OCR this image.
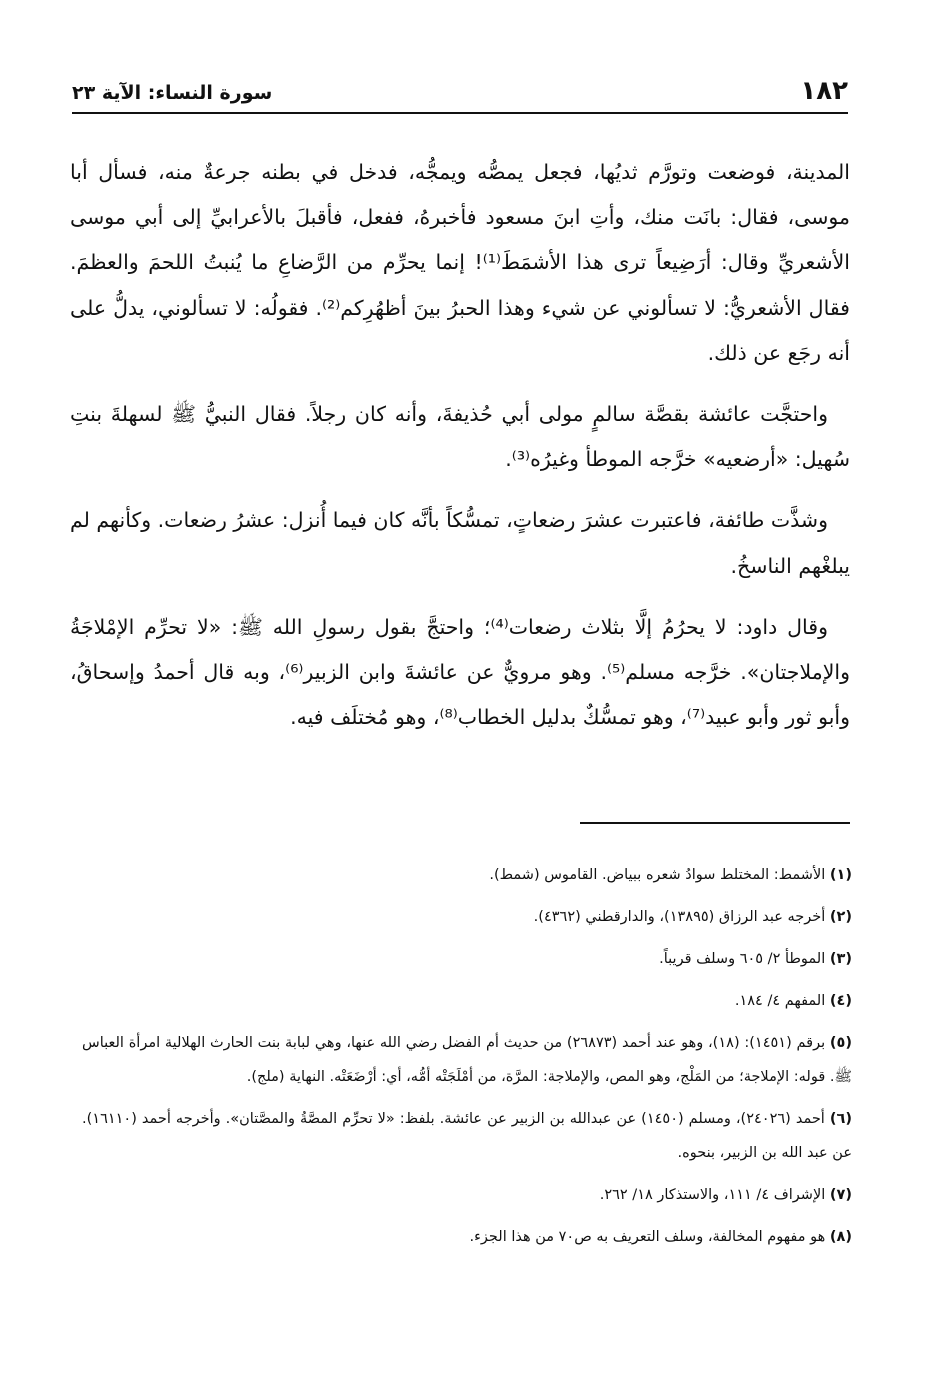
١٨٢
سورة النساء: الآية ٢٣

المدينة، فوضعت وتورَّم ثديُها، فجعل يمصُّه ويمجُّه، فدخل في بطنه جرعةٌ منه، فسأل أبا موسى، فقال: بانَت منك، وأتِ ابنَ مسعود فأخبرهُ، ففعل، فأقبلَ بالأعرابيِّ إلى أبي موسى الأشعريِّ وقال: أرَضِيعاً ترى هذا الأشمَطَ⁽¹⁾! إنما يحرِّم من الرَّضاعِ ما يُنبتُ اللحمَ والعظمَ. فقال الأشعريُّ: لا تسألوني عن شيء وهذا الحبرُ بينَ أظهُرِكم⁽²⁾. فقولُه: لا تسألوني، يدلُّ على أنه رجَع عن ذلك.

واحتجَّت عائشة بقصَّة سالمٍ مولى أبي حُذيفةَ، وأنه كان رجلاً. فقال النبيُّ ﷺ لسهلةَ بنتِ سُهيل: «أرضعيه» خرَّجه الموطأ وغيرُه⁽³⁾.

وشذَّت طائفة، فاعتبرت عشرَ رضعاتٍ، تمسُّكاً بأنَّه كان فيما أُنزل: عشرُ رضعات. وكأنهم لم يبلغْهم الناسخُ.

وقال داود: لا يحرُمُ إلَّا بثلاث رضعات⁽⁴⁾؛ واحتجَّ بقول رسولِ الله ﷺ: «لا تحرِّم الإمْلاجَةُ والإملاجتان». خرَّجه مسلم⁽⁵⁾. وهو مرويٌّ عن عائشةَ وابن الزبير⁽⁶⁾، وبه قال أحمدُ وإسحاقُ، وأبو ثور وأبو عبيد⁽⁷⁾، وهو تمسُّكٌ بدليل الخطاب⁽⁸⁾، وهو مُختلَف فيه.

(١) الأشمط: المختلط سوادُ شعره ببياض. القاموس (شمط).
(٢) أخرجه عبد الرزاق (١٣٨٩٥)، والدارقطني (٤٣٦٢).
(٣) الموطأ ٢/ ٦٠٥ وسلف قريباً.
(٤) المفهم ٤/ ١٨٤.
(٥) برقم (١٤٥١): (١٨)، وهو عند أحمد (٢٦٨٧٣) من حديث أم الفضل رضي الله عنها، وهي لبابة بنت الحارث الهلالية امرأة العباس ﷺ. قوله: الإملاجة؛ من المَلْج، وهو المص، والإملاجة: المرَّة، من أمْلَجَتْه أمُّه، أي: أرْضَعَتْه. النهاية (ملج).
(٦) أحمد (٢٤٠٢٦)، ومسلم (١٤٥٠) عن عبدالله بن الزبير عن عائشة. بلفظ: «لا تحرِّم المصَّةُ والمصَّتان». وأخرجه أحمد (١٦١١٠). عن عبد الله بن الزبير، بنحوه.
(٧) الإشراف ٤/ ١١١، والاستذكار ١٨/ ٢٦٢.
(٨) هو مفهوم المخالفة، وسلف التعريف به ص٧٠ من هذا الجزء.
